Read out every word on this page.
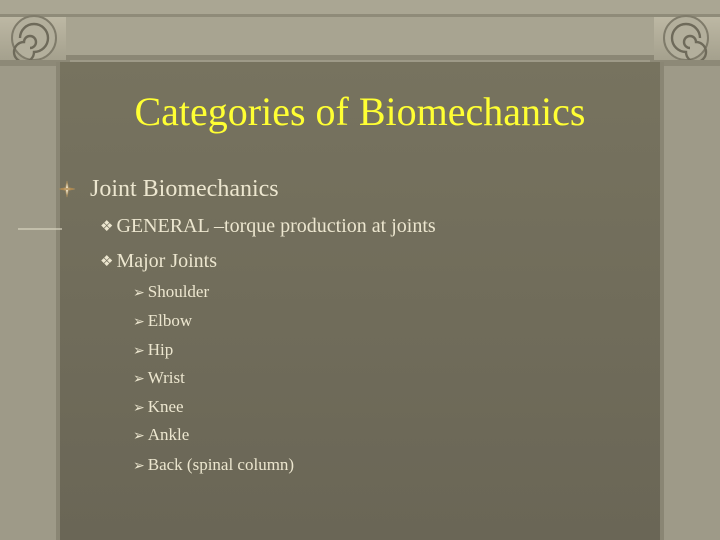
Categories of Biomechanics
Joint Biomechanics
❖ GENERAL –torque production at joints
❖ Major Joints
➢ Shoulder
➢ Elbow
➢ Hip
➢ Wrist
➢ Knee
➢ Ankle
➢ Back (spinal column)
